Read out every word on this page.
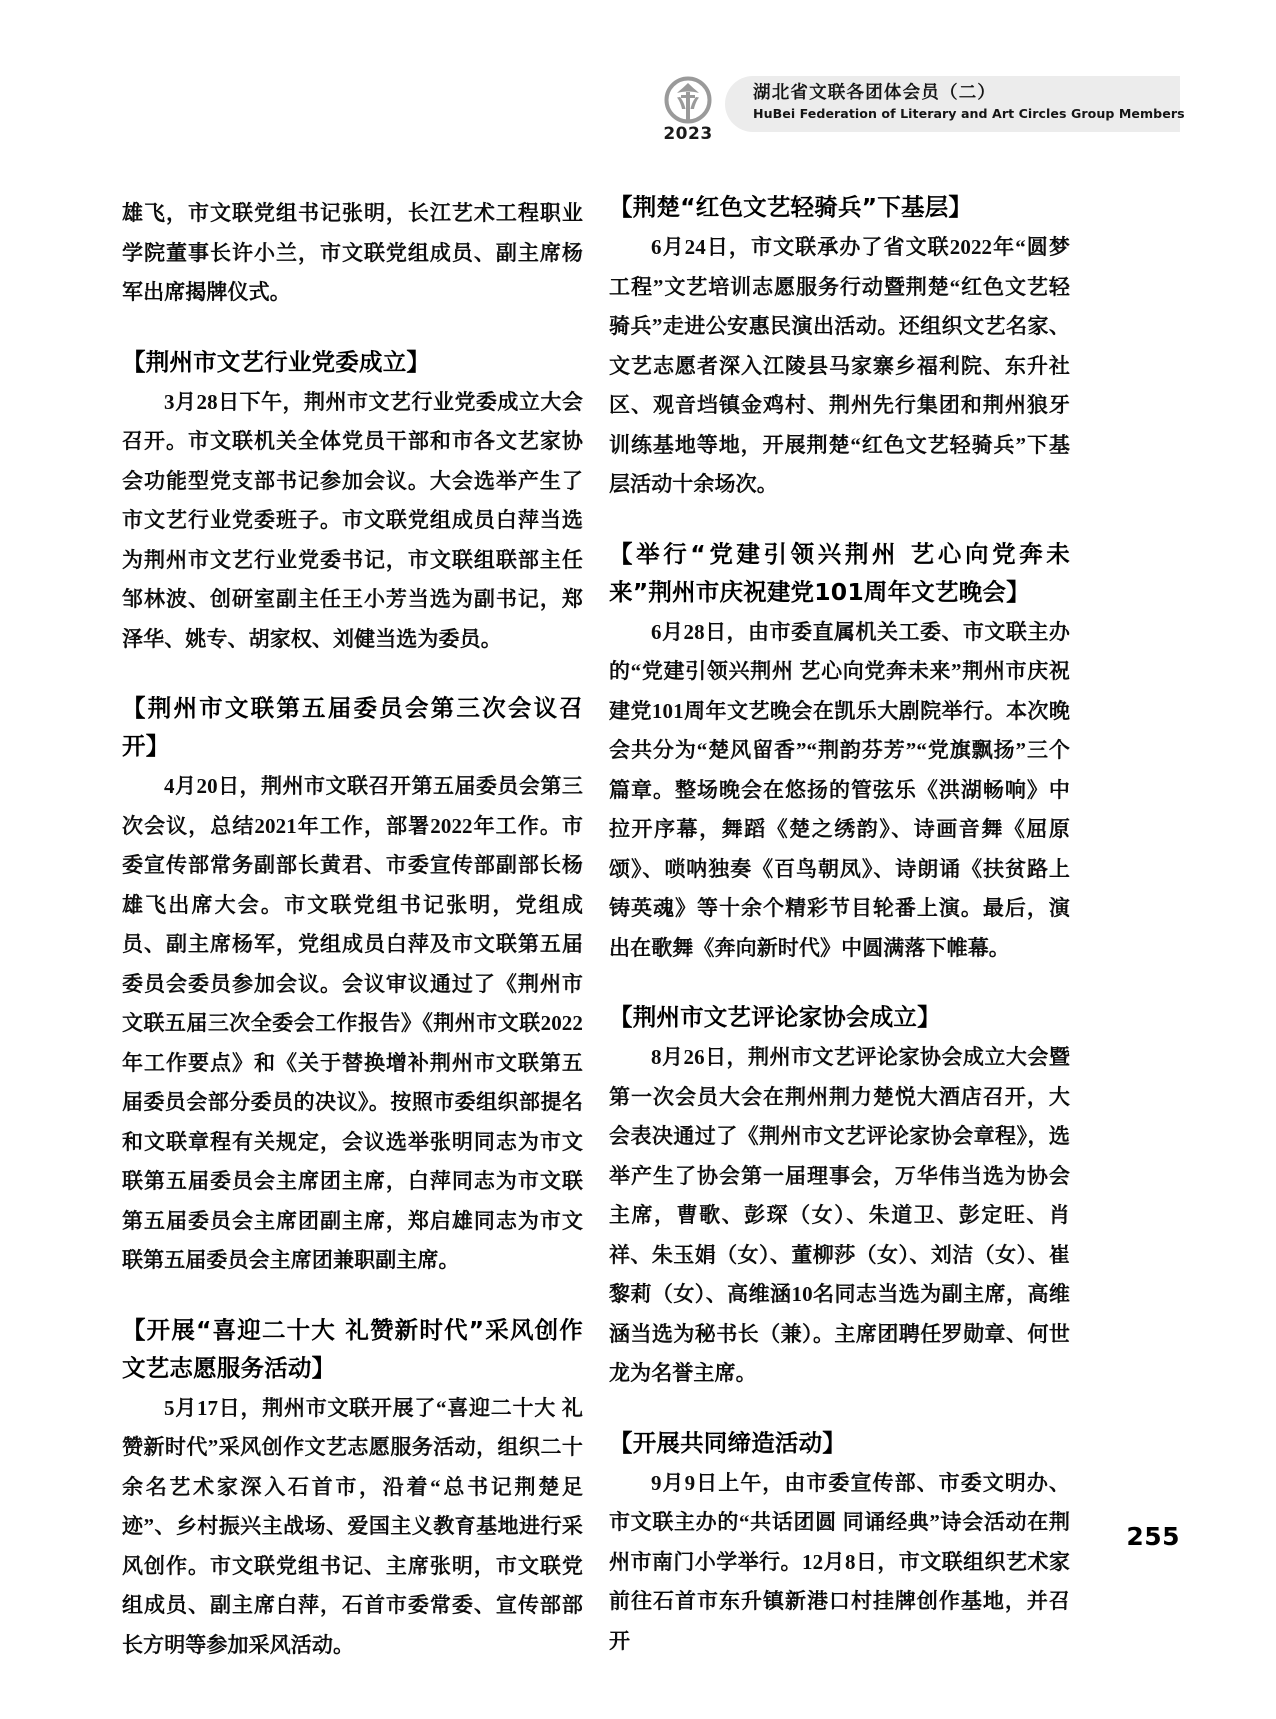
2023
湖北省文联各团体会员（二）
HuBei Federation of Literary and Art Circles Group Members

雄飞，市文联党组书记张明，长江艺术工程职业学院董事长许小兰，市文联党组成员、副主席杨军出席揭牌仪式。

【荆州市文艺行业党委成立】

3月28日下午，荆州市文艺行业党委成立大会召开。市文联机关全体党员干部和市各文艺家协会功能型党支部书记参加会议。大会选举产生了市文艺行业党委班子。市文联党组成员白萍当选为荆州市文艺行业党委书记，市文联组联部主任邹林波、创研室副主任王小芳当选为副书记，郑泽华、姚专、胡家权、刘健当选为委员。

【荆州市文联第五届委员会第三次会议召开】

4月20日，荆州市文联召开第五届委员会第三次会议，总结2021年工作，部署2022年工作。市委宣传部常务副部长黄君、市委宣传部副部长杨雄飞出席大会。市文联党组书记张明，党组成员、副主席杨军，党组成员白萍及市文联第五届委员会委员参加会议。会议审议通过了《荆州市文联五届三次全委会工作报告》《荆州市文联2022年工作要点》和《关于替换增补荆州市文联第五届委员会部分委员的决议》。按照市委组织部提名和文联章程有关规定，会议选举张明同志为市文联第五届委员会主席团主席，白萍同志为市文联第五届委员会主席团副主席，郑启雄同志为市文联第五届委员会主席团兼职副主席。

【开展“喜迎二十大 礼赞新时代”采风创作文艺志愿服务活动】

5月17日，荆州市文联开展了“喜迎二十大 礼赞新时代”采风创作文艺志愿服务活动，组织二十余名艺术家深入石首市，沿着“总书记荆楚足迹”、乡村振兴主战场、爱国主义教育基地进行采风创作。市文联党组书记、主席张明，市文联党组成员、副主席白萍，石首市委常委、宣传部部长方明等参加采风活动。

【荆楚“红色文艺轻骑兵”下基层】

6月24日，市文联承办了省文联2022年“圆梦工程”文艺培训志愿服务行动暨荆楚“红色文艺轻骑兵”走进公安惠民演出活动。还组织文艺名家、文艺志愿者深入江陵县马家寨乡福利院、东升社区、观音垱镇金鸡村、荆州先行集团和荆州狼牙训练基地等地，开展荆楚“红色文艺轻骑兵”下基层活动十余场次。

【举行“党建引领兴荆州 艺心向党奔未来”荆州市庆祝建党101周年文艺晚会】

6月28日，由市委直属机关工委、市文联主办的“党建引领兴荆州 艺心向党奔未来”荆州市庆祝建党101周年文艺晚会在凯乐大剧院举行。本次晚会共分为“楚风留香”“荆韵芬芳”“党旗飘扬”三个篇章。整场晚会在悠扬的管弦乐《洪湖畅响》中拉开序幕，舞蹈《楚之绣韵》、诗画音舞《屈原颂》、唢呐独奏《百鸟朝凤》、诗朗诵《扶贫路上铸英魂》等十余个精彩节目轮番上演。最后，演出在歌舞《奔向新时代》中圆满落下帷幕。

【荆州市文艺评论家协会成立】

8月26日，荆州市文艺评论家协会成立大会暨第一次会员大会在荆州荆力楚悦大酒店召开，大会表决通过了《荆州市文艺评论家协会章程》，选举产生了协会第一届理事会，万华伟当选为协会主席，曹歌、彭琛（女）、朱道卫、彭定旺、肖祥、朱玉娟（女）、董柳莎（女）、刘洁（女）、崔黎莉（女）、高维涵10名同志当选为副主席，高维涵当选为秘书长（兼）。主席团聘任罗勋章、何世龙为名誉主席。

【开展共同缔造活动】

9月9日上午，由市委宣传部、市委文明办、市文联主办的“共话团圆 同诵经典”诗会活动在荆州市南门小学举行。12月8日，市文联组织艺术家前往石首市东升镇新港口村挂牌创作基地，并召开

255
